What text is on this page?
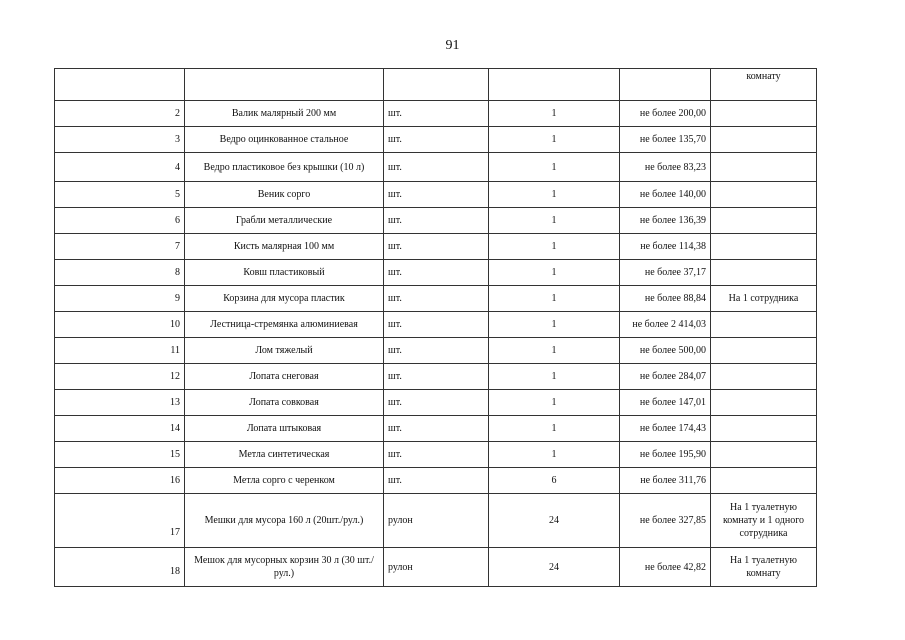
91
					комнату
2	Валик малярный 200 мм	шт.	1	не более 200,00	
3	Ведро оцинкованное стальное	шт.	1	не более 135,70	
4	Ведро пластиковое без крышки (10 л)	шт.	1	не более 83,23	
5	Веник сорго	шт.	1	не более 140,00	
6	Грабли металлические	шт.	1	не более 136,39	
7	Кисть малярная 100 мм	шт.	1	не более 114,38	
8	Ковш пластиковый	шт.	1	не более 37,17	
9	Корзина для мусора пластик	шт.	1	не более 88,84	На 1 сотрудника
10	Лестница-стремянка алюминиевая	шт.	1	не более 2 414,03	
11	Лом тяжелый	шт.	1	не более 500,00	
12	Лопата снеговая	шт.	1	не более 284,07	
13	Лопата совковая	шт.	1	не более 147,01	
14	Лопата штыковая	шт.	1	не более 174,43	
15	Метла синтетическая	шт.	1	не более 195,90	
16	Метла сорго с черенком	шт.	6	не более 311,76	
17	Мешки для мусора 160 л (20шт./рул.)	рулон	24	не более 327,85	На 1 туалетную комнату и 1 одного сотрудника
18	Мешок для мусорных корзин 30 л (30 шт./рул.)	рулон	24	не более 42,82	На 1 туалетную комнату
